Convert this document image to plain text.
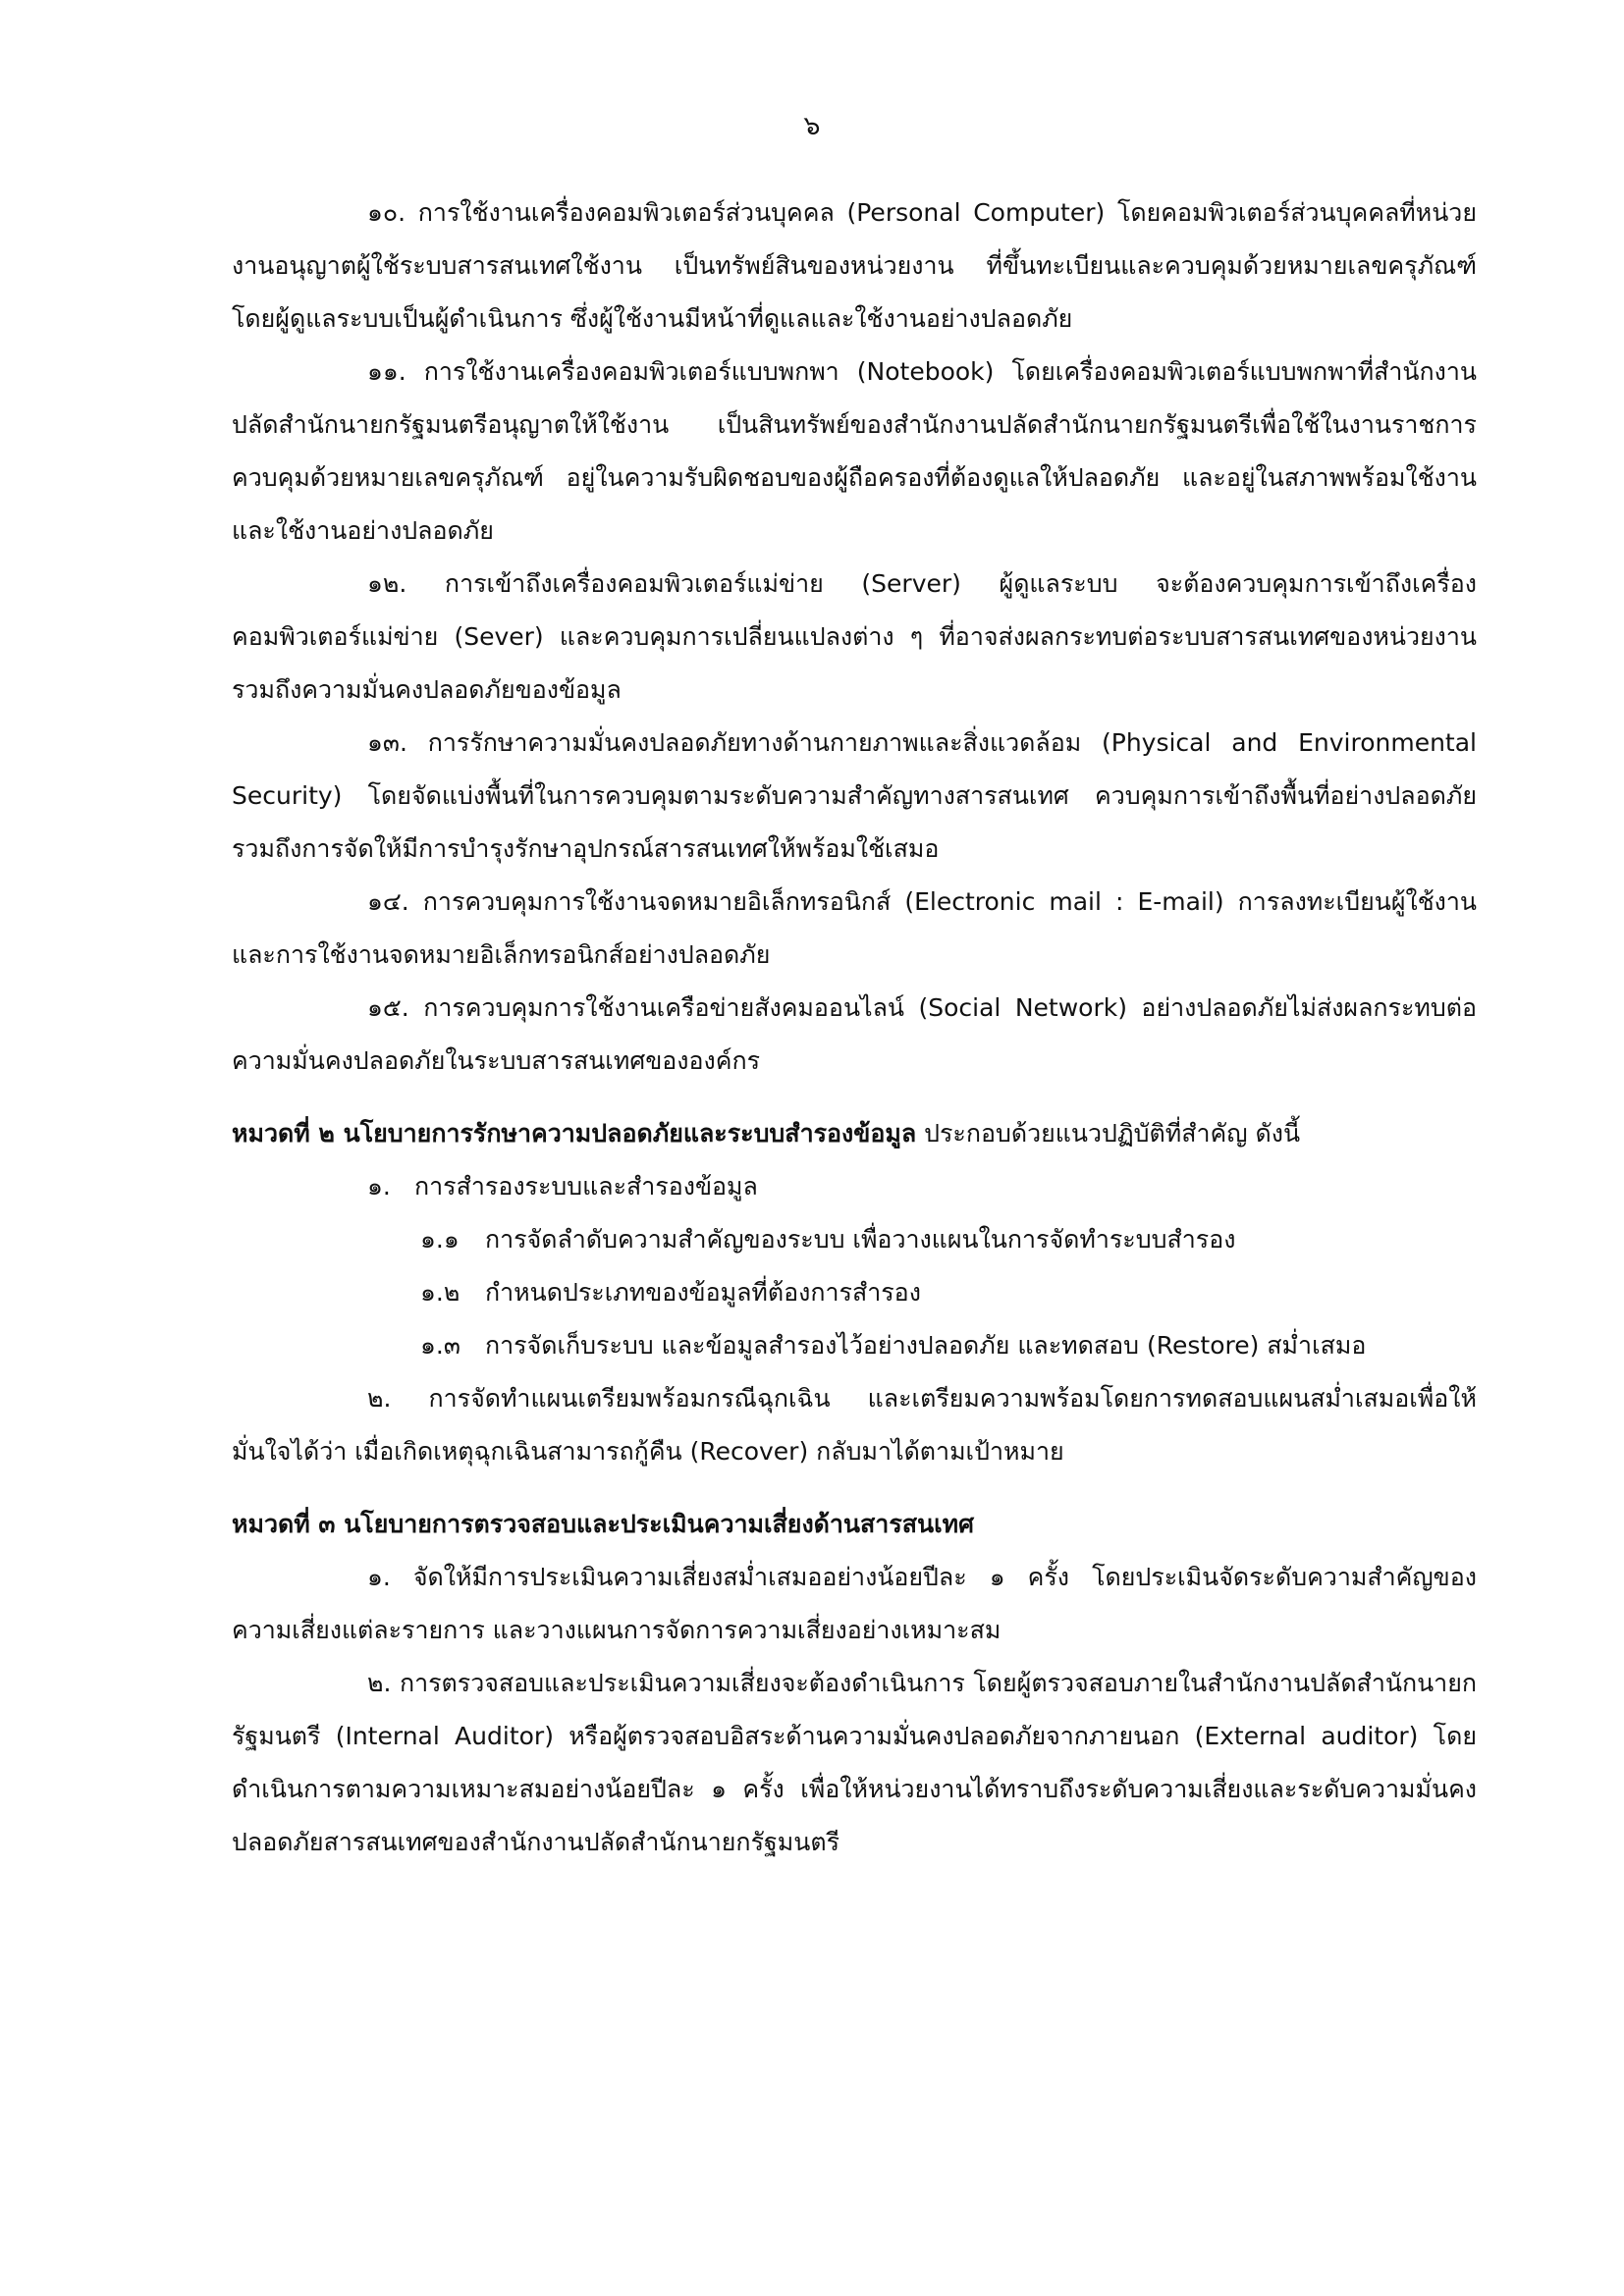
๖

๑๐. การใช้งานเครื่องคอมพิวเตอร์ส่วนบุคคล (Personal Computer) โดยคอมพิวเตอร์ส่วนบุคคลที่หน่วยงานอนุญาตผู้ใช้ระบบสารสนเทศใช้งาน เป็นทรัพย์สินของหน่วยงาน ที่ขึ้นทะเบียนและควบคุมด้วยหมายเลขครุภัณฑ์ โดยผู้ดูแลระบบเป็นผู้ดำเนินการ ซึ่งผู้ใช้งานมีหน้าที่ดูแลและใช้งานอย่างปลอดภัย

๑๑. การใช้งานเครื่องคอมพิวเตอร์แบบพกพา (Notebook) โดยเครื่องคอมพิวเตอร์แบบพกพาที่สำนักงานปลัดสำนักนายกรัฐมนตรีอนุญาตให้ใช้งาน เป็นสินทรัพย์ของสำนักงานปลัดสำนักนายกรัฐมนตรีเพื่อใช้ในงานราชการ ควบคุมด้วยหมายเลขครุภัณฑ์ อยู่ในความรับผิดชอบของผู้ถือครองที่ต้องดูแลให้ปลอดภัย และอยู่ในสภาพพร้อมใช้งาน และใช้งานอย่างปลอดภัย

๑๒. การเข้าถึงเครื่องคอมพิวเตอร์แม่ข่าย (Server) ผู้ดูแลระบบ จะต้องควบคุมการเข้าถึงเครื่องคอมพิวเตอร์แม่ข่าย (Sever) และควบคุมการเปลี่ยนแปลงต่าง ๆ ที่อาจส่งผลกระทบต่อระบบสารสนเทศของหน่วยงาน รวมถึงความมั่นคงปลอดภัยของข้อมูล

๑๓. การรักษาความมั่นคงปลอดภัยทางด้านกายภาพและสิ่งแวดล้อม (Physical and Environmental Security) โดยจัดแบ่งพื้นที่ในการควบคุมตามระดับความสำคัญทางสารสนเทศ ควบคุมการเข้าถึงพื้นที่อย่างปลอดภัย รวมถึงการจัดให้มีการบำรุงรักษาอุปกรณ์สารสนเทศให้พร้อมใช้เสมอ

๑๔. การควบคุมการใช้งานจดหมายอิเล็กทรอนิกส์ (Electronic mail : E-mail) การลงทะเบียนผู้ใช้งาน และการใช้งานจดหมายอิเล็กทรอนิกส์อย่างปลอดภัย

๑๕. การควบคุมการใช้งานเครือข่ายสังคมออนไลน์ (Social Network) อย่างปลอดภัยไม่ส่งผลกระทบต่อความมั่นคงปลอดภัยในระบบสารสนเทศขององค์กร

หมวดที่ ๒ นโยบายการรักษาความปลอดภัยและระบบสำรองข้อมูล ประกอบด้วยแนวปฏิบัติที่สำคัญ ดังนี้

๑. การสำรองระบบและสำรองข้อมูล

๑.๑ การจัดลำดับความสำคัญของระบบ เพื่อวางแผนในการจัดทำระบบสำรอง

๑.๒ กำหนดประเภทของข้อมูลที่ต้องการสำรอง

๑.๓ การจัดเก็บระบบ และข้อมูลสำรองไว้อย่างปลอดภัย และทดสอบ (Restore) สม่ำเสมอ

๒. การจัดทำแผนเตรียมพร้อมกรณีฉุกเฉิน และเตรียมความพร้อมโดยการทดสอบแผนสม่ำเสมอเพื่อให้มั่นใจได้ว่า เมื่อเกิดเหตุฉุกเฉินสามารถกู้คืน (Recover) กลับมาได้ตามเป้าหมาย

หมวดที่ ๓ นโยบายการตรวจสอบและประเมินความเสี่ยงด้านสารสนเทศ

๑. จัดให้มีการประเมินความเสี่ยงสม่ำเสมออย่างน้อยปีละ ๑ ครั้ง โดยประเมินจัดระดับความสำคัญของความเสี่ยงแต่ละรายการ และวางแผนการจัดการความเสี่ยงอย่างเหมาะสม

๒. การตรวจสอบและประเมินความเสี่ยงจะต้องดำเนินการ โดยผู้ตรวจสอบภายในสำนักงานปลัดสำนักนายกรัฐมนตรี (Internal Auditor) หรือผู้ตรวจสอบอิสระด้านความมั่นคงปลอดภัยจากภายนอก (External auditor) โดยดำเนินการตามความเหมาะสมอย่างน้อยปีละ ๑ ครั้ง เพื่อให้หน่วยงานได้ทราบถึงระดับความเสี่ยงและระดับความมั่นคงปลอดภัยสารสนเทศของสำนักงานปลัดสำนักนายกรัฐมนตรี
